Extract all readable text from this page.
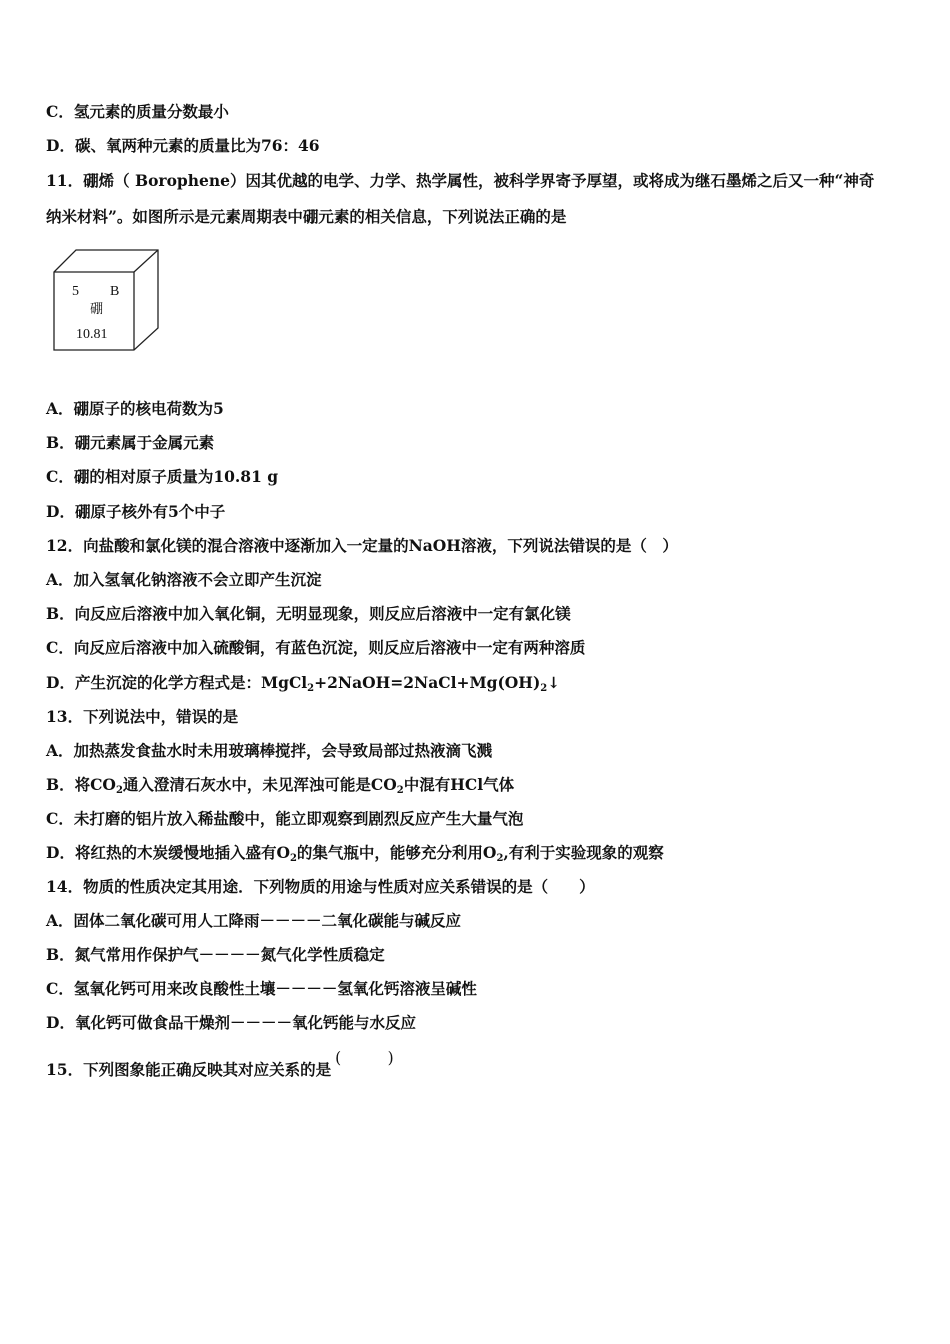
C．氢元素的质量分数最小
D．碳、氧两种元素的质量比为76：46
11．硼烯（ Borophene）因其优越的电学、力学、热学属性，被科学界寄予厚望，或将成为继石墨烯之后又一种“神奇
纳米材料”。如图所示是元素周期表中硼元素的相关信息，下列说法正确的是
5 B
硼
10.81
A．硼原子的核电荷数为5
B．硼元素属于金属元素
C．硼的相对原子质量为10.81 g
D．硼原子核外有5个中子
12．向盐酸和氯化镁的混合溶液中逐渐加入一定量的NaOH溶液，下列说法错误的是（　）
A．加入氢氧化钠溶液不会立即产生沉淀
B．向反应后溶液中加入氧化铜，无明显现象，则反应后溶液中一定有氯化镁
C．向反应后溶液中加入硫酸铜，有蓝色沉淀，则反应后溶液中一定有两种溶质
D．产生沉淀的化学方程式是：$MgCl_2+2NaOH=2NaCl+Mg(OH)_2↓$
13．下列说法中，错误的是
A．加热蒸发食盐水时未用玻璃棒搅拌，会导致局部过热液滴飞溅
B．将$CO_2$通入澄清石灰水中，未见浑浊可能是$CO_2$中混有HCl气体
C．未打磨的铝片放入稀盐酸中，能立即观察到剧烈反应产生大量气泡
D．将红热的木炭缓慢地插入盛有$O_2$的集气瓶中，能够充分利用$O_2$,有利于实验现象的观察
14．物质的性质决定其用途．下列物质的用途与性质对应关系错误的是（　　）
A．固体二氧化碳可用人工降雨－－－－二氧化碳能与碱反应
B．氮气常用作保护气－－－－氮气化学性质稳定
C．氢氧化钙可用来改良酸性土壤－－－－氢氧化钙溶液呈碱性
D．氧化钙可做食品干燥剂－－－－氧化钙能与水反应
15．下列图象能正确反映其对应关系的是(　　　)
